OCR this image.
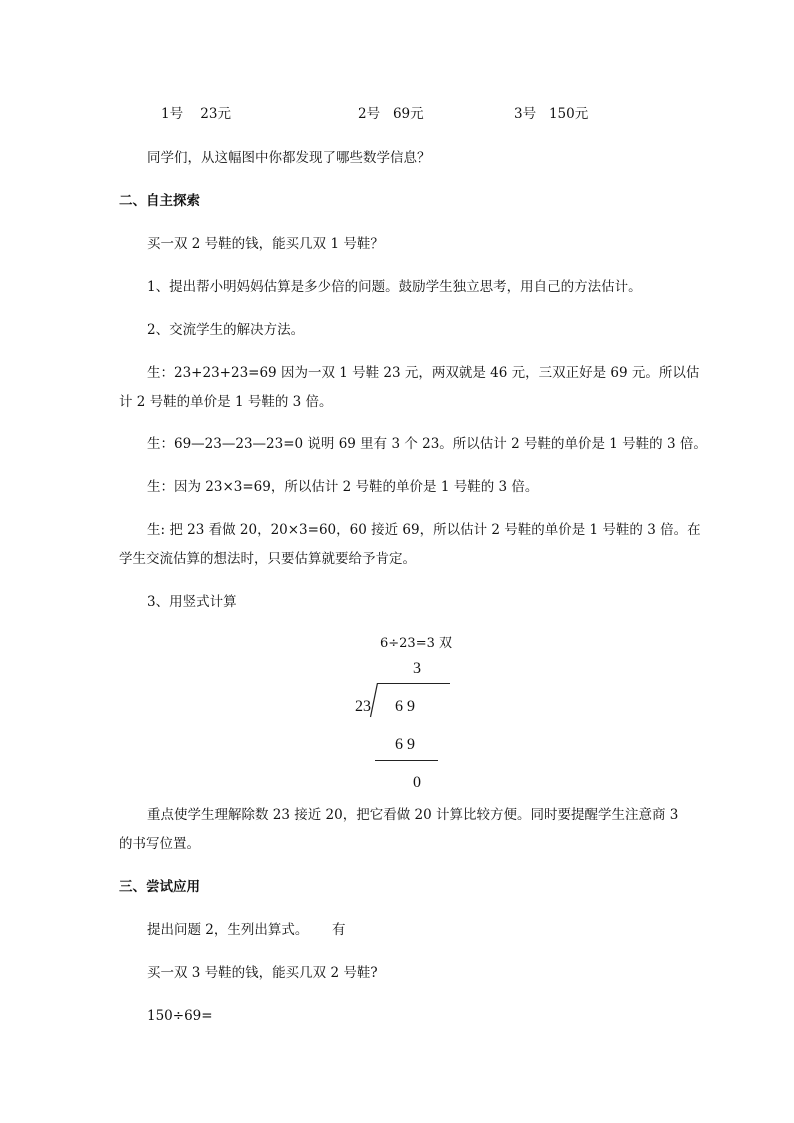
1号 23元	2号 69元	3号 150元
同学们，从这幅图中你都发现了哪些数学信息？
二、自主探索
买一双 2 号鞋的钱，能买几双 1 号鞋？
1、提出帮小明妈妈估算是多少倍的问题。鼓励学生独立思考，用自己的方法估计。
2、交流学生的解决方法。
生：23+23+23=69 因为一双 1 号鞋 23 元，两双就是 46 元，三双正好是 69 元。所以估
计 2 号鞋的单价是 1 号鞋的 3 倍。
生：69—23—23—23=0 说明 69 里有 3 个 23。所以估计 2 号鞋的单价是 1 号鞋的 3 倍。
生：因为 23×3=69，所以估计 2 号鞋的单价是 1 号鞋的 3 倍。
生: 把 23 看做 20，20×3=60，60 接近 69，所以估计 2 号鞋的单价是 1 号鞋的 3 倍。在
学生交流估算的想法时，只要估算就要给予肯定。
3、用竖式计算
6÷23=3 双
3
23 6 9
6 9
0
重点使学生理解除数 23 接近 20，把它看做 20 计算比较方便。同时要提醒学生注意商 3
的书写位置。
三、尝试应用
提出问题 2，生列出算式。 有
买一双 3 号鞋的钱，能买几双 2 号鞋?
150÷69=
